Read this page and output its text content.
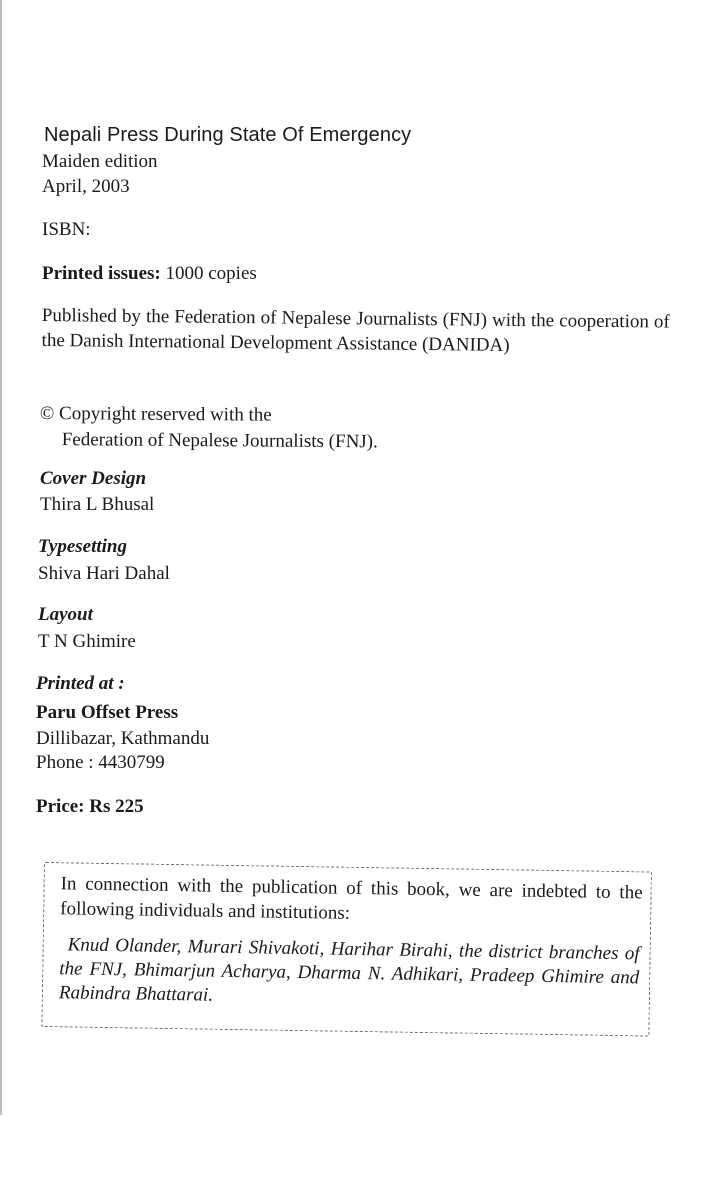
Nepali Press During State Of Emergency
Maiden edition
April, 2003
ISBN:
Printed issues: 1000 copies
Published by the Federation of Nepalese Journalists (FNJ) with the cooperation of the Danish International Development Assistance (DANIDA)
© Copyright reserved with the
Federation of Nepalese Journalists (FNJ).
Cover Design
Thira L Bhusal
Typesetting
Shiva Hari Dahal
Layout
T N Ghimire
Printed at :
Paru Offset Press
Dillibazar, Kathmandu
Phone : 4430799
Price: Rs 225
In connection with the publication of this book, we are indebted to the following individuals and institutions:
Knud Olander, Murari Shivakoti, Harihar Birahi, the district branches of the FNJ, Bhimarjun Acharya, Dharma N. Adhikari, Pradeep Ghimire and Rabindra Bhattarai.
